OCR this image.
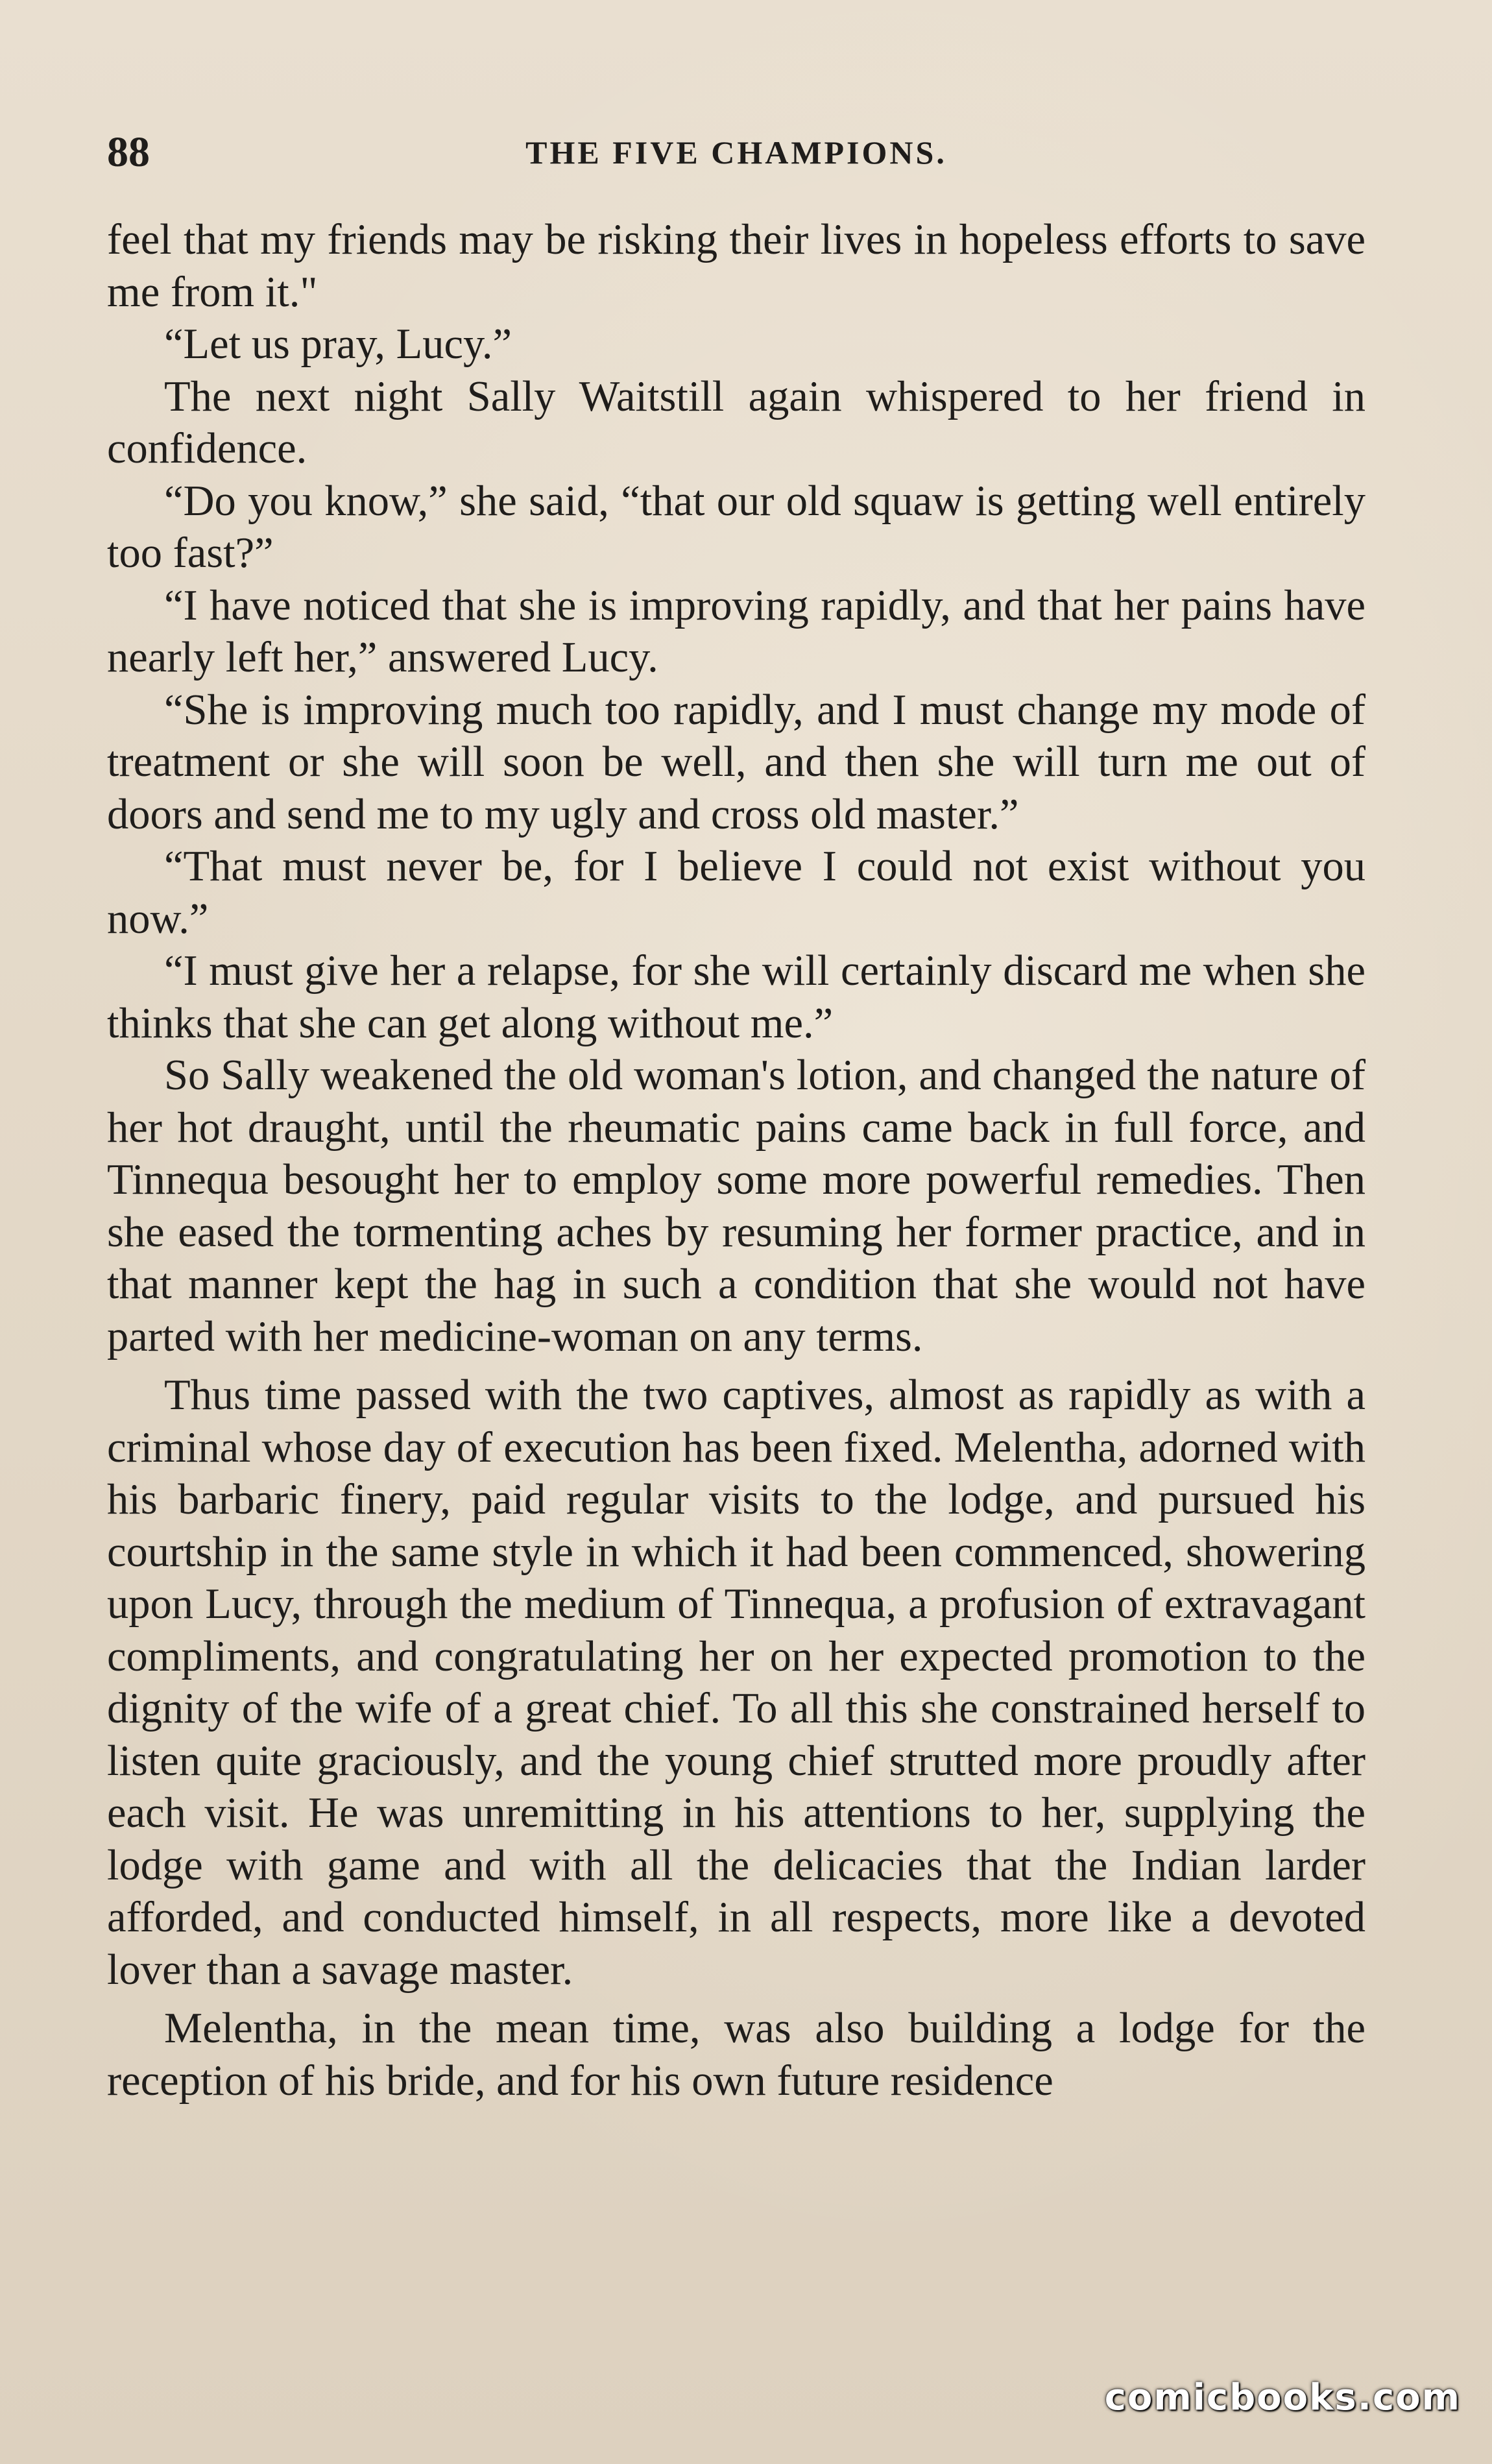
88	THE FIVE CHAMPIONS.

feel that my friends may be risking their lives in hopeless efforts to save me from it."

“Let us pray, Lucy.”

The next night Sally Waitstill again whispered to her friend in confidence.

“Do you know,” she said, “that our old squaw is getting well entirely too fast?”

“I have noticed that she is improving rapidly, and that her pains have nearly left her,” answered Lucy.

“She is improving much too rapidly, and I must change my mode of treatment or she will soon be well, and then she will turn me out of doors and send me to my ugly and cross old master.”

“That must never be, for I believe I could not exist without you now.”

“I must give her a relapse, for she will certainly discard me when she thinks that she can get along without me.”

So Sally weakened the old woman's lotion, and changed the nature of her hot draught, until the rheumatic pains came back in full force, and Tinnequa besought her to employ some more powerful remedies. Then she eased the tormenting aches by resuming her former practice, and in that manner kept the hag in such a condition that she would not have parted with her medicine-woman on any terms.

Thus time passed with the two captives, almost as rapidly as with a criminal whose day of execution has been fixed. Melentha, adorned with his barbaric finery, paid regular visits to the lodge, and pursued his courtship in the same style in which it had been commenced, showering upon Lucy, through the medium of Tinnequa, a profusion of extravagant compliments, and congratulating her on her expected promotion to the dignity of the wife of a great chief. To all this she constrained herself to listen quite graciously, and the young chief strutted more proudly after each visit. He was unremitting in his attentions to her, supplying the lodge with game and with all the delicacies that the Indian larder afforded, and conducted himself, in all respects, more like a devoted lover than a savage master.

Melentha, in the mean time, was also building a lodge for the reception of his bride, and for his own future residence

comicbooks.com
